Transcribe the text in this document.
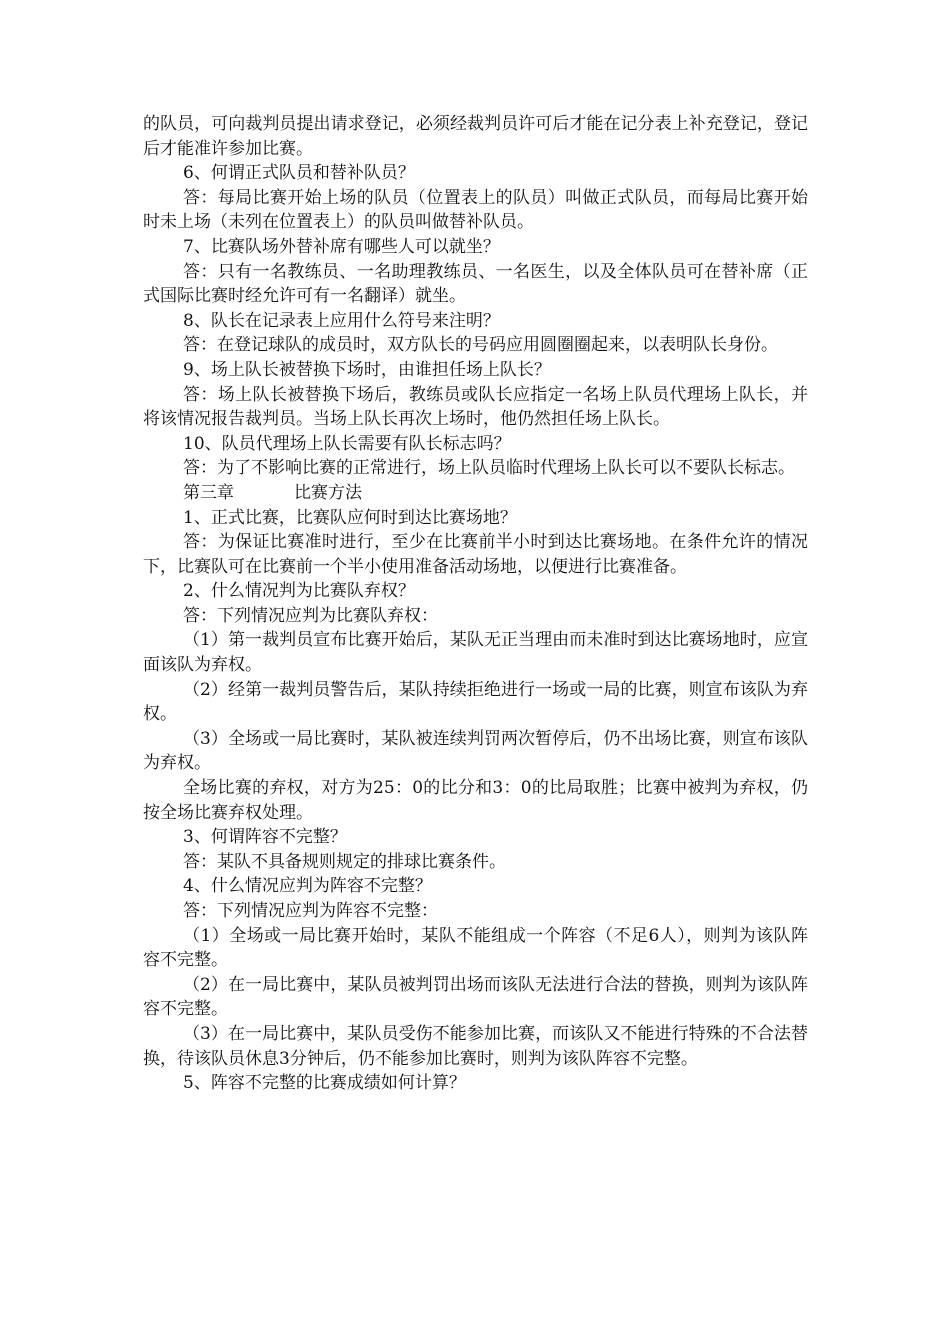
的队员，可向裁判员提出请求登记，必须经裁判员许可后才能在记分表上补充登记，登记后才能准许参加比赛。

6、何谓正式队员和替补队员？

答：每局比赛开始上场的队员（位置表上的队员）叫做正式队员，而每局比赛开始时未上场（未列在位置表上）的队员叫做替补队员。

7、比赛队场外替补席有哪些人可以就坐？

答：只有一名教练员、一名助理教练员、一名医生，以及全体队员可在替补席（正式国际比赛时经允许可有一名翻译）就坐。

8、队长在记录表上应用什么符号来注明？

答：在登记球队的成员时，双方队长的号码应用圆圈圈起来，以表明队长身份。

9、场上队长被替换下场时，由谁担任场上队长？

答：场上队长被替换下场后，教练员或队长应指定一名场上队员代理场上队长，并将该情况报告裁判员。当场上队长再次上场时，他仍然担任场上队长。

10、队员代理场上队长需要有队长标志吗？

答：为了不影响比赛的正常进行，场上队员临时代理场上队长可以不要队长标志。

第三章	比赛方法

1、正式比赛，比赛队应何时到达比赛场地？

答：为保证比赛准时进行，至少在比赛前半小时到达比赛场地。在条件允许的情况下，比赛队可在比赛前一个半小使用准备活动场地，以便进行比赛准备。

2、什么情况判为比赛队弃权？

答：下列情况应判为比赛队弃权：

（1）第一裁判员宣布比赛开始后，某队无正当理由而未准时到达比赛场地时，应宣面该队为弃权。

（2）经第一裁判员警告后，某队持续拒绝进行一场或一局的比赛，则宣布该队为弃权。

（3）全场或一局比赛时，某队被连续判罚两次暂停后，仍不出场比赛，则宣布该队为弃权。

全场比赛的弃权，对方为25：0的比分和3：0的比局取胜；比赛中被判为弃权，仍按全场比赛弃权处理。

3、何谓阵容不完整？

答：某队不具备规则规定的排球比赛条件。

4、什么情况应判为阵容不完整？

答：下列情况应判为阵容不完整：

（1）全场或一局比赛开始时，某队不能组成一个阵容（不足6人），则判为该队阵容不完整。

（2）在一局比赛中，某队员被判罚出场而该队无法进行合法的替换，则判为该队阵容不完整。

（3）在一局比赛中，某队员受伤不能参加比赛，而该队又不能进行特殊的不合法替换，待该队员休息3分钟后，仍不能参加比赛时，则判为该队阵容不完整。

5、阵容不完整的比赛成绩如何计算？
